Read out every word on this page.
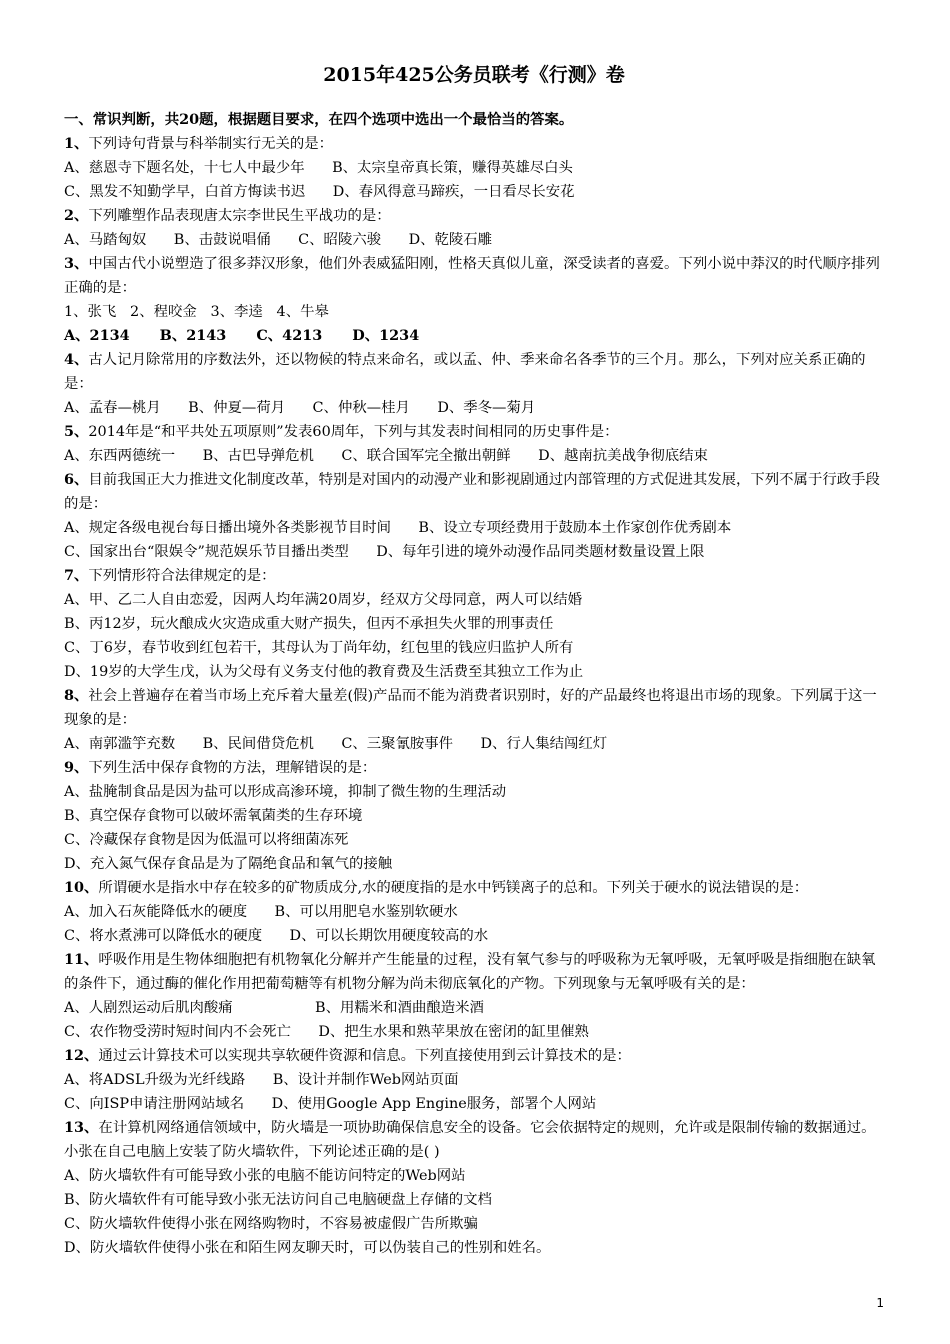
2015年425公务员联考《行测》卷
一、常识判断，共20题，根据题目要求，在四个选项中选出一个最恰当的答案。
1、下列诗句背景与科举制实行无关的是：
A、慈恩寺下题名处，十七人中最少年      B、太宗皇帝真长策，赚得英雄尽白头
C、黑发不知勤学早，白首方悔读书迟      D、春风得意马蹄疾，一日看尽长安花
2、下列雕塑作品表现唐太宗李世民生平战功的是：
A、马踏匈奴      B、击鼓说唱俑      C、昭陵六骏      D、乾陵石雕
3、中国古代小说塑造了很多莽汉形象，他们外表威猛阳刚，性格天真似儿童，深受读者的喜爱。下列小说中莽汉的时代顺序排列正确的是：
1、张飞   2、程咬金   3、李逵   4、牛皋
A、2134      B、2143      C、4213      D、1234
4、古人记月除常用的序数法外，还以物候的特点来命名，或以孟、仲、季来命名各季节的三个月。那么，下列对应关系正确的是：
A、孟春—桃月      B、仲夏—荷月      C、仲秋—桂月      D、季冬—菊月
5、2014年是“和平共处五项原则”发表60周年，下列与其发表时间相同的历史事件是：
A、东西两德统一      B、古巴导弹危机      C、联合国军完全撤出朝鲜      D、越南抗美战争彻底结束
6、目前我国正大力推进文化制度改革，特别是对国内的动漫产业和影视剧通过内部管理的方式促进其发展，下列不属于行政手段的是：
A、规定各级电视台每日播出境外各类影视节目时间      B、设立专项经费用于鼓励本土作家创作优秀剧本
C、国家出台“限娱令”规范娱乐节目播出类型      D、每年引进的境外动漫作品同类题材数量设置上限
7、下列情形符合法律规定的是：
A、甲、乙二人自由恋爱，因两人均年满20周岁，经双方父母同意，两人可以结婚
B、丙12岁，玩火酿成火灾造成重大财产损失，但丙不承担失火罪的刑事责任
C、丁6岁，春节收到红包若干，其母认为丁尚年幼，红包里的钱应归监护人所有
D、19岁的大学生戊，认为父母有义务支付他的教育费及生活费至其独立工作为止
8、社会上普遍存在着当市场上充斥着大量差(假)产品而不能为消费者识别时，好的产品最终也将退出市场的现象。下列属于这一现象的是：
A、南郭滥竽充数      B、民间借贷危机      C、三聚氰胺事件      D、行人集结闯红灯
9、下列生活中保存食物的方法，理解错误的是：
A、盐腌制食品是因为盐可以形成高渗环境，抑制了微生物的生理活动
B、真空保存食物可以破坏需氧菌类的生存环境
C、冷藏保存食物是因为低温可以将细菌冻死
D、充入氮气保存食品是为了隔绝食品和氧气的接触
10、所谓硬水是指水中存在较多的矿物质成分,水的硬度指的是水中钙镁离子的总和。下列关于硬水的说法错误的是：
A、加入石灰能降低水的硬度      B、可以用肥皂水鉴别软硬水
C、将水煮沸可以降低水的硬度      D、可以长期饮用硬度较高的水
11、呼吸作用是生物体细胞把有机物氧化分解并产生能量的过程，没有氧气参与的呼吸称为无氧呼吸，无氧呼吸是指细胞在缺氧的条件下，通过酶的催化作用把葡萄糖等有机物分解为尚未彻底氧化的产物。下列现象与无氧呼吸有关的是：
A、人剧烈运动后肌肉酸痛                  B、用糯米和酒曲酿造米酒
C、农作物受涝时短时间内不会死亡      D、把生水果和熟苹果放在密闭的缸里催熟
12、通过云计算技术可以实现共享软硬件资源和信息。下列直接使用到云计算技术的是：
A、将ADSL升级为光纤线路      B、设计并制作Web网站页面
C、向ISP申请注册网站域名      D、使用Google App Engine服务，部署个人网站
13、在计算机网络通信领域中，防火墙是一项协助确保信息安全的设备。它会依据特定的规则，允许或是限制传输的数据通过。小张在自己电脑上安装了防火墙软件，下列论述正确的是( )
A、防火墙软件有可能导致小张的电脑不能访问特定的Web网站
B、防火墙软件有可能导致小张无法访问自己电脑硬盘上存储的文档
C、防火墙软件使得小张在网络购物时，不容易被虚假广告所欺骗
D、防火墙软件使得小张在和陌生网友聊天时，可以伪装自己的性别和姓名。
1
